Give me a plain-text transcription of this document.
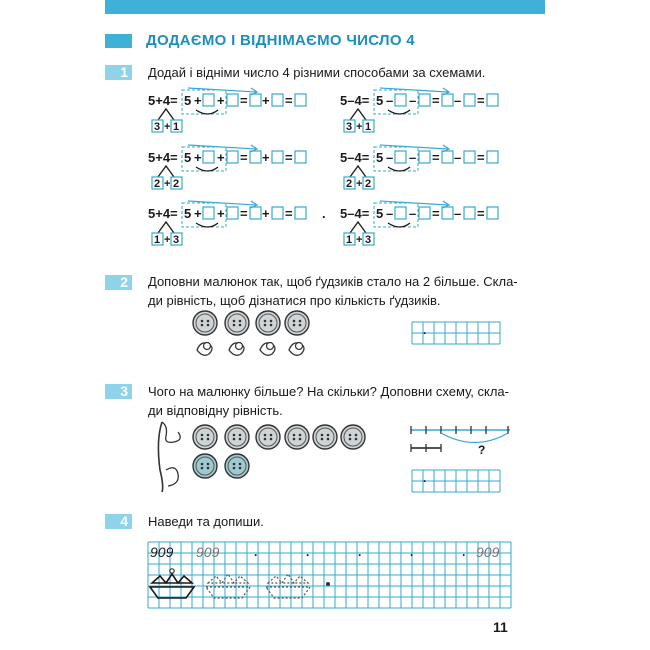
ДОДАЄМО І ВІДНІМАЄМО ЧИСЛО 4
1 Додай і відніми число 4 різними способами за схемами.
2 Доповни малюнок так, щоб ґудзиків стало на 2 більше. Скла-
ди рівність, щоб дізнатися про кількість ґудзиків.
3 Чого на малюнку більше? На скільки? Доповни схему, скла-
ди відповідну рівність.
4 Наведи та допиши.
11
5+4= 5 + + = + =
3 + 1
5–4= 5 – – = – =
3 + 1
5+4= 5 + + = + =
2 + 2
5–4= 5 – – = – =
2 + 2
5+4= 5 + + = + =
1 + 3
5–4= 5 – – = – =
1 + 3
.
.
?
.
909 909	909
.	.	.	.	.
